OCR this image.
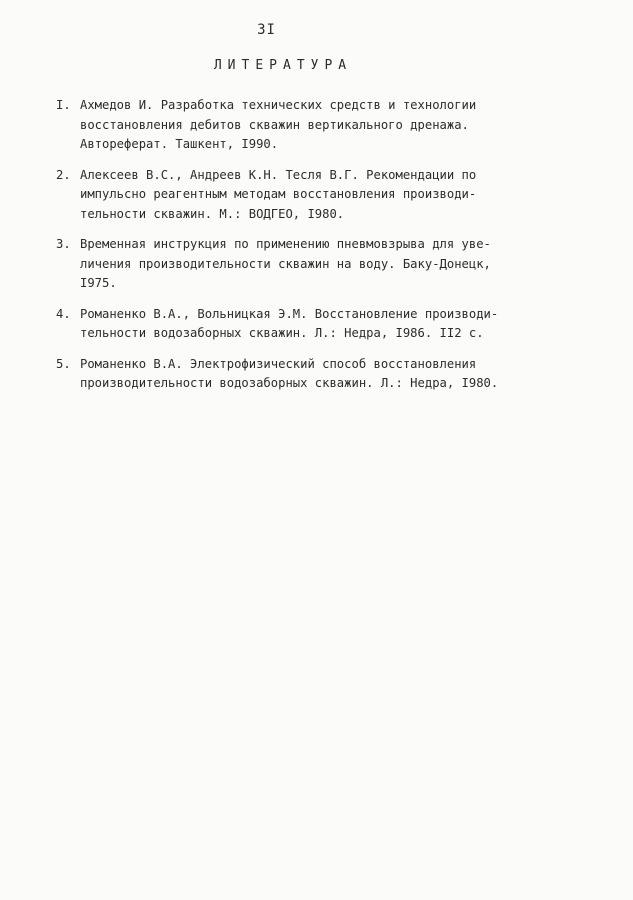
3I
ЛИТЕРАТУРА
I. Ахмедов И. Разработка технических средств и технологии
восстановления дебитов скважин вертикального дренажа.
Автореферат. Ташкент, I990.
2. Алексеев В.С., Андреев К.Н. Тесля В.Г. Рекомендации по
импульсно реагентным методам восстановления производи-
тельности скважин. М.: ВОДГЕО, I980.
3. Временная инструкция по применению пневмовзрыва для уве-
личения производительности скважин на воду. Баку-Донецк,
I975.
4. Романенко В.А., Вольницкая Э.М. Восстановление производи-
тельности водозаборных скважин. Л.: Недра, I986. II2 с.
5. Романенко В.А. Электрофизический способ восстановления
производительности водозаборных скважин. Л.: Недра, I980.
